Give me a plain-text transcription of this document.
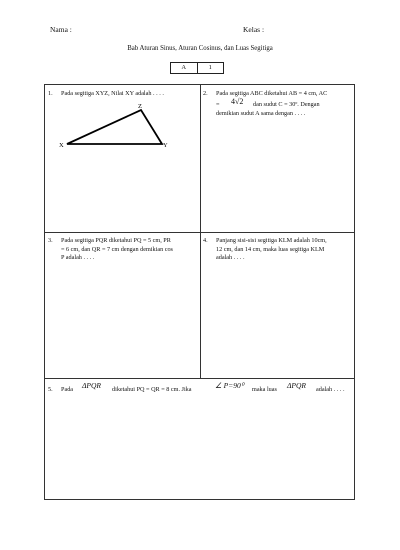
Nama :	Kelas :
Bab Aturan Sinus, Aturan Cosinus, dan Luas Segitiga
A	1
1. Pada segitiga XYZ, Nilai XY adalah . . . .
X
Z
Y
2. Pada segitiga ABC diketahui AB = 4 cm, AC
= 4√2 dan sudut C = 30º. Dengan
demikian sudut A sama dengan . . . .
3. Pada segitiga PQR diketahui PQ = 5 cm, PR
= 6 cm, dan QR = 7 cm dengan demikian cos
P adalah . . . .
4. Panjang sisi-sisi segitiga KLM adalah 10cm,
12 cm, dan 14 cm, maka luas segitiga KLM
adalah . . . .
5. Pada ΔPQR diketahui PQ = QR = 8 cm. Jika	∠ P=90⁰ maka luas ΔPQR adalah . . . .
